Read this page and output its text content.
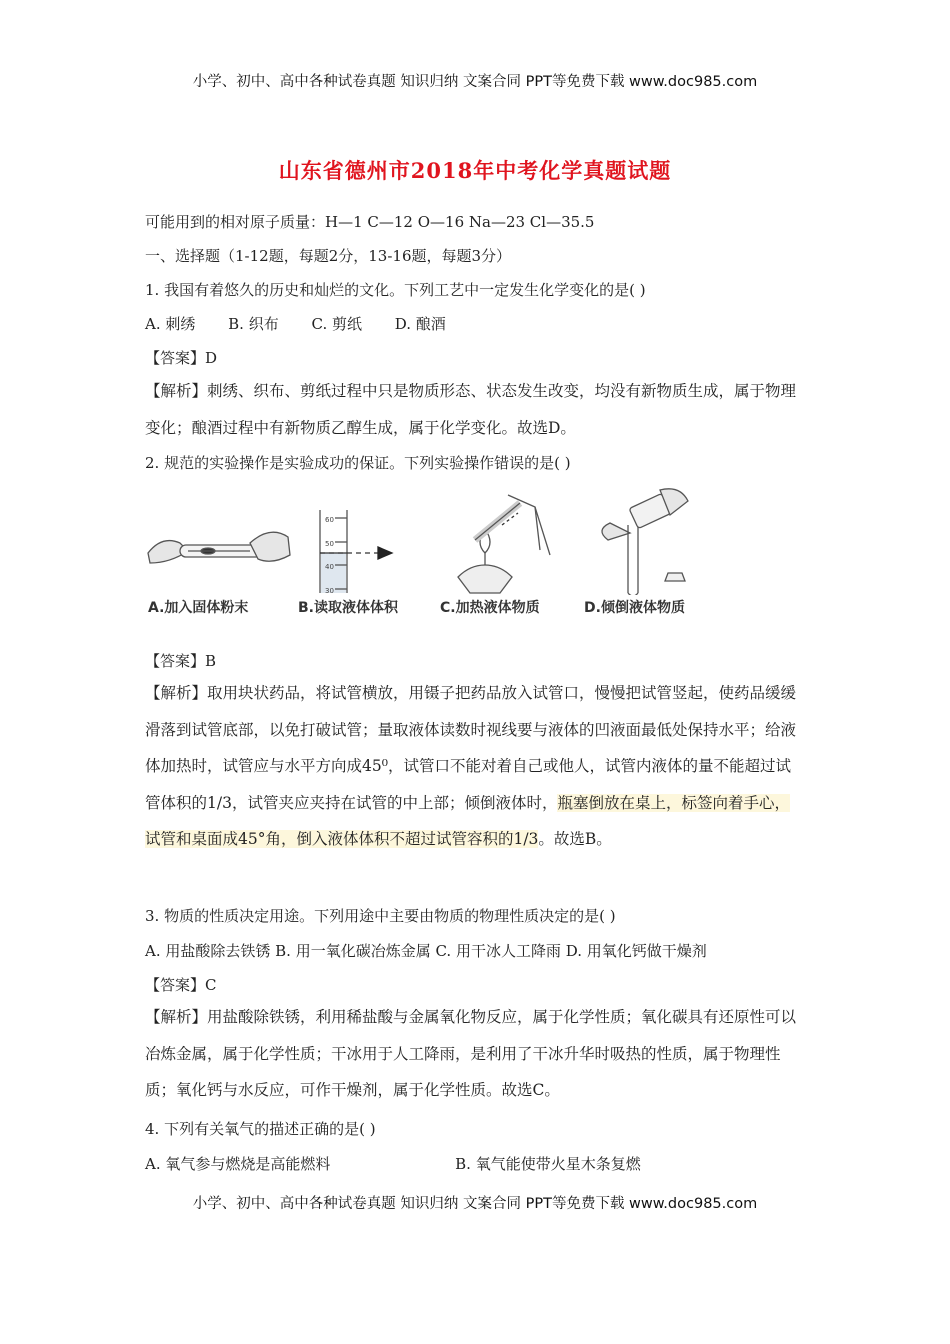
小学、初中、高中各种试卷真题 知识归纳 文案合同 PPT等免费下载 www.doc985.com
山东省德州市2018年中考化学真题试题
可能用到的相对原子质量：H—1 C—12 O—16 Na—23 Cl—35.5
一、选择题（1-12题，每题2分，13-16题，每题3分）
1. 我国有着悠久的历史和灿烂的文化。下列工艺中一定发生化学变化的是( )
A. 刺绣 B. 织布 C. 剪纸 D. 酿酒
【答案】D
【解析】刺绣、织布、剪纸过程中只是物质形态、状态发生改变，均没有新物质生成，属于物理变化；酿酒过程中有新物质乙醇生成，属于化学变化。故选D。
2. 规范的实验操作是实验成功的保证。下列实验操作错误的是( )
60
50
40
30
A.加入固体粉末	B.读取液体体积	C.加热液体物质	D.倾倒液体物质
【答案】B
【解析】取用块状药品，将试管横放，用镊子把药品放入试管口，慢慢把试管竖起，使药品缓缓滑落到试管底部，以免打破试管；量取液体读数时视线要与液体的凹液面最低处保持水平；给液体加热时，试管应与水平方向成45⁰，试管口不能对着自己或他人，试管内液体的量不能超过试管体积的1/3，试管夹应夹持在试管的中上部；倾倒液体时，瓶塞倒放在桌上，标签向着手心，试管和桌面成45°角，倒入液体体积不超过试管容积的1/3。故选B。
3. 物质的性质决定用途。下列用途中主要由物质的物理性质决定的是( )
A. 用盐酸除去铁锈 B. 用一氧化碳冶炼金属 C. 用干冰人工降雨 D. 用氧化钙做干燥剂
【答案】C
【解析】用盐酸除铁锈，利用稀盐酸与金属氧化物反应，属于化学性质；氧化碳具有还原性可以冶炼金属，属于化学性质；干冰用于人工降雨，是利用了干冰升华时吸热的性质，属于物理性质；氧化钙与水反应，可作干燥剂，属于化学性质。故选C。
4. 下列有关氧气的描述正确的是( )
A. 氧气参与燃烧是高能燃料	B. 氧气能使带火星木条复燃
小学、初中、高中各种试卷真题 知识归纳 文案合同 PPT等免费下载 www.doc985.com
